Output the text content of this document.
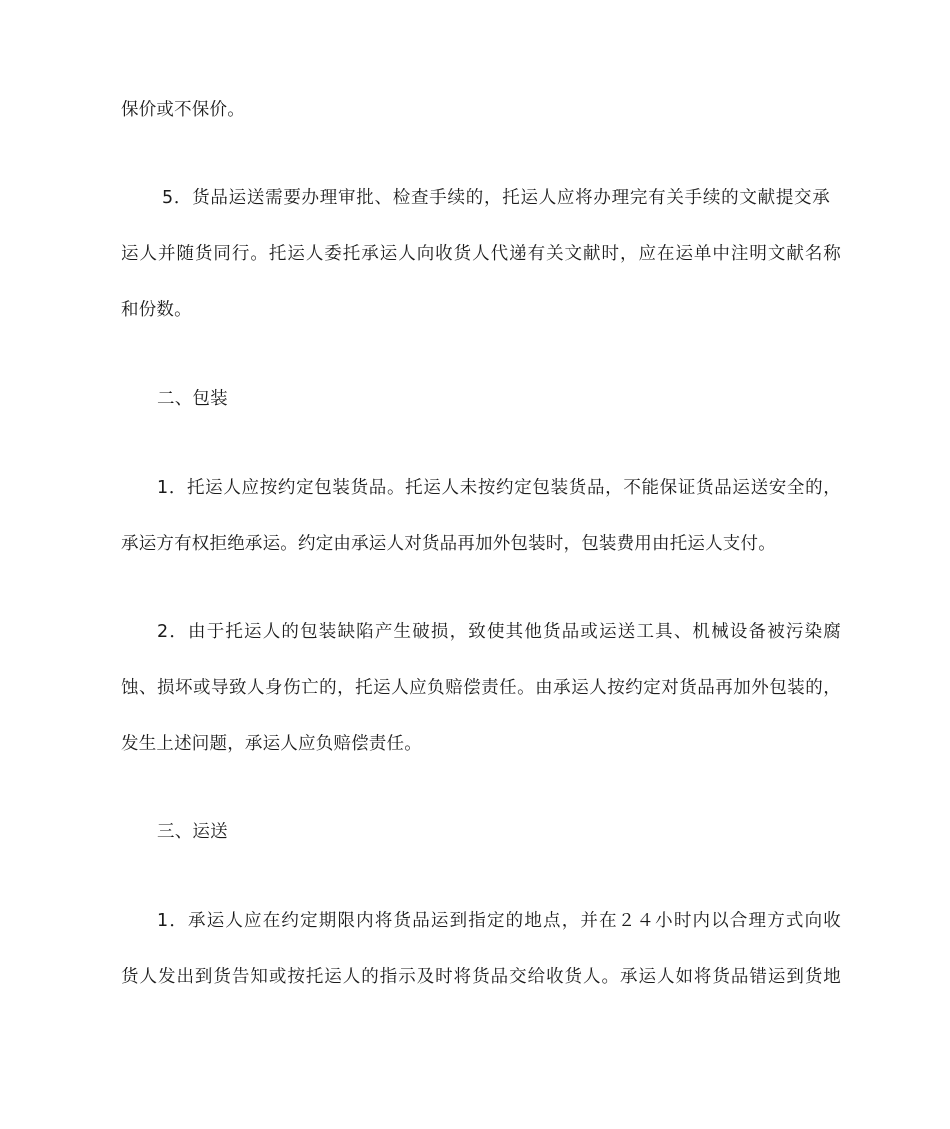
保价或不保价。
5．货品运送需要办理审批、检查手续的，托运人应将办理完有关手续的文献提交承
运人并随货同行。托运人委托承运人向收货人代递有关文献时，应在运单中注明文献名称
和份数。
二、包装
1．托运人应按约定包装货品。托运人未按约定包装货品，不能保证货品运送安全的，
承运方有权拒绝承运。约定由承运人对货品再加外包装时，包装费用由托运人支付。
2．由于托运人的包装缺陷产生破损，致使其他货品或运送工具、机械设备被污染腐
蚀、损坏或导致人身伤亡的，托运人应负赔偿责任。由承运人按约定对货品再加外包装的，
发生上述问题，承运人应负赔偿责任。
三、运送
1．承运人应在约定期限内将货品运到指定的地点，并在２４小时内以合理方式向收
货人发出到货告知或按托运人的指示及时将货品交给收货人。承运人如将货品错运到货地
